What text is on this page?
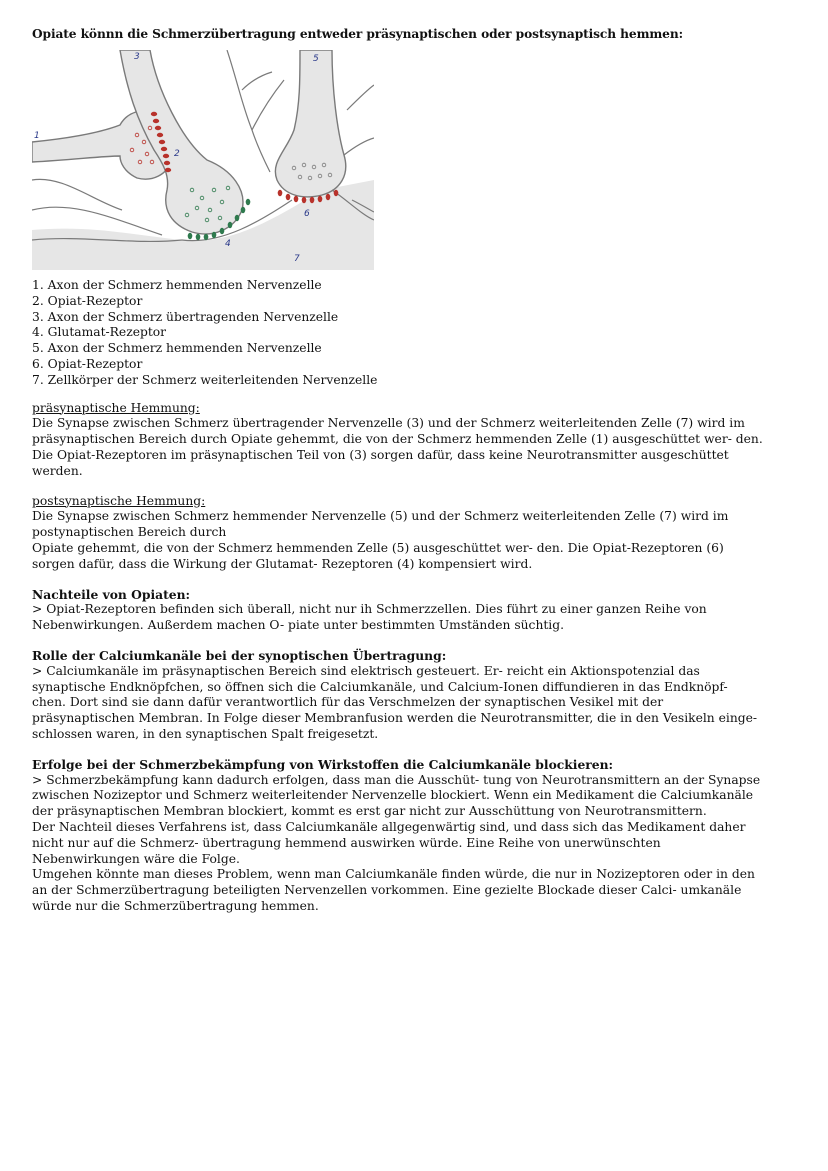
Opiate könnn die Schmerzübertragung entweder präsynaptischen oder postsynaptisch hemmen:
1
2
3
4
5
6
7
1. Axon der Schmerz hemmenden Nervenzelle
2. Opiat-Rezeptor
3. Axon der Schmerz übertragenden Nervenzelle
4. Glutamat-Rezeptor
5. Axon der Schmerz hemmenden Nervenzelle
6. Opiat-Rezeptor
7. Zellkörper der Schmerz weiterleitenden Nervenzelle
präsynaptische Hemmung:
Die Synapse zwischen Schmerz übertragender Nervenzelle (3) und der Schmerz weiterleitenden Zelle (7) wird im
präsynaptischen Bereich durch Opiate gehemmt, die von der Schmerz hemmenden Zelle (1) ausgeschüttet wer- den.
Die Opiat-Rezeptoren im präsynaptischen Teil von (3) sorgen dafür, dass keine Neurotransmitter ausgeschüttet
werden.
postsynaptische Hemmung:
Die Synapse zwischen Schmerz hemmender Nervenzelle (5) und der Schmerz weiterleitenden Zelle (7) wird im
postynaptischen Bereich durch
Opiate gehemmt, die von der Schmerz hemmenden Zelle (5) ausgeschüttet wer- den. Die Opiat-Rezeptoren (6)
sorgen dafür, dass die Wirkung der Glutamat- Rezeptoren (4) kompensiert wird.
Nachteile von Opiaten:
> Opiat-Rezeptoren befinden sich überall, nicht nur ih Schmerzzellen. Dies führt zu einer ganzen Reihe von
Nebenwirkungen. Außerdem machen O- piate unter bestimmten Umständen süchtig.
Rolle der Calciumkanäle bei der synoptischen Übertragung:
> Calciumkanäle im präsynaptischen Bereich sind elektrisch gesteuert. Er- reicht ein Aktionspotenzial das
synaptische Endknöpfchen, so öffnen sich die Calciumkanäle, und Calcium-Ionen diffundieren in das Endknöpf-
chen. Dort sind sie dann dafür verantwortlich für das Verschmelzen der synaptischen Vesikel mit der
präsynaptischen Membran. In Folge dieser Membranfusion werden die Neurotransmitter, die in den Vesikeln einge-
schlossen waren, in den synaptischen Spalt freigesetzt.
Erfolge bei der Schmerzbekämpfung von Wirkstoffen die Calciumkanäle blockieren:
> Schmerzbekämpfung kann dadurch erfolgen, dass man die Ausschüt- tung von Neurotransmittern an der Synapse
zwischen Nozizeptor und Schmerz weiterleitender Nervenzelle blockiert. Wenn ein Medikament die Calciumkanäle
der präsynaptischen Membran blockiert, kommt es erst gar nicht zur Ausschüttung von Neurotransmittern.
Der Nachteil dieses Verfahrens ist, dass Calciumkanäle allgegenwärtig sind, und dass sich das Medikament daher
nicht nur auf die Schmerz- übertragung hemmend auswirken würde. Eine Reihe von unerwünschten
Nebenwirkungen wäre die Folge.
Umgehen könnte man dieses Problem, wenn man Calciumkanäle finden würde, die nur in Nozizeptoren oder in den
an der Schmerzübertragung beteiligten Nervenzellen vorkommen. Eine gezielte Blockade dieser Calci- umkanäle
würde nur die Schmerzübertragung hemmen.
